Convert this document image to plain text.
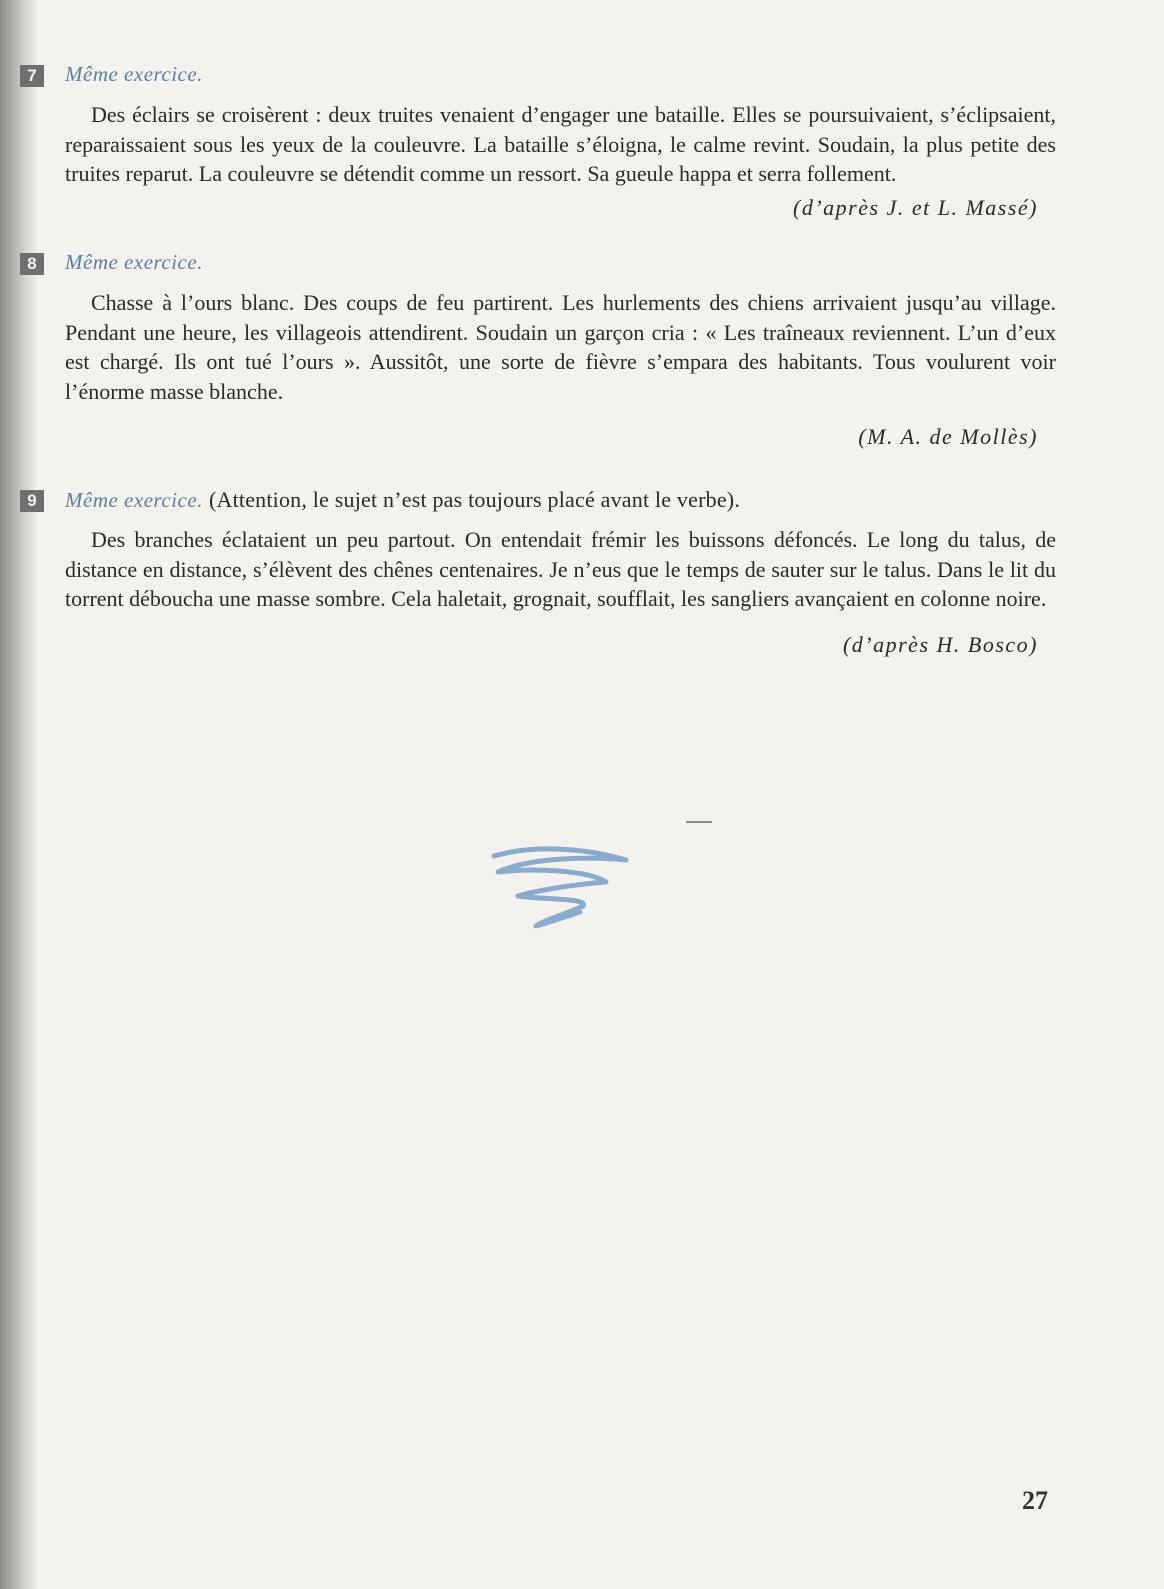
7	Même exercice.
Des éclairs se croisèrent : deux truites venaient d’engager une bataille. Elles se poursuivaient, s’éclipsaient, reparaissaient sous les yeux de la couleuvre. La bataille s’éloigna, le calme revint. Soudain, la plus petite des truites reparut. La couleuvre se détendit comme un ressort. Sa gueule happa et serra follement.
(d’après J. et L. Massé)
8	Même exercice.
Chasse à l’ours blanc. Des coups de feu partirent. Les hurlements des chiens arrivaient jusqu’au village. Pendant une heure, les villageois attendirent. Soudain un garçon cria : « Les traîneaux reviennent. L’un d’eux est chargé. Ils ont tué l’ours ». Aussitôt, une sorte de fièvre s’empara des habitants. Tous voulurent voir l’énorme masse blanche.
(M. A. de Mollès)
9	Même exercice. (Attention, le sujet n’est pas toujours placé avant le verbe).
Des branches éclataient un peu partout. On entendait frémir les buissons défoncés. Le long du talus, de distance en distance, s’élèvent des chênes centenaires. Je n’eus que le temps de sauter sur le talus. Dans le lit du torrent déboucha une masse sombre. Cela haletait, grognait, soufflait, les sangliers avançaient en colonne noire.
(d’après H. Bosco)
27
